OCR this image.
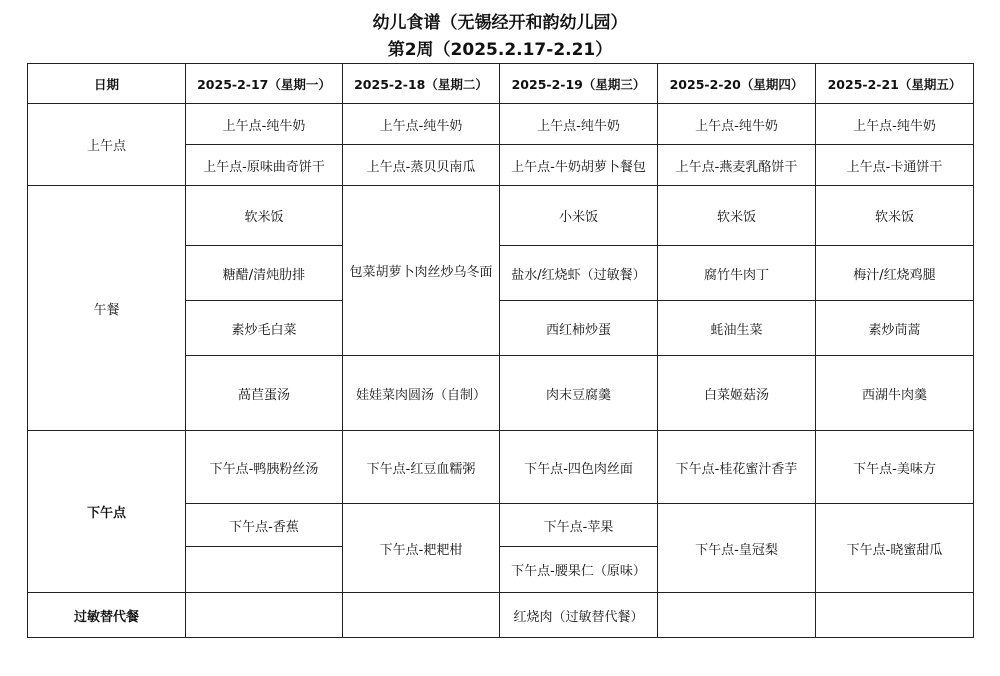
幼儿食谱（无锡经开和韵幼儿园）
第2周（2025.2.17-2.21）
日期	2025-2-17（星期一）	2025-2-18（星期二）	2025-2-19（星期三）	2025-2-20（星期四）	2025-2-21（星期五）
上午点	上午点-纯牛奶	上午点-纯牛奶	上午点-纯牛奶	上午点-纯牛奶	上午点-纯牛奶
	上午点-原味曲奇饼干	上午点-蒸贝贝南瓜	上午点-牛奶胡萝卜餐包	上午点-燕麦乳酪饼干	上午点-卡通饼干
午餐	软米饭	包菜胡萝卜肉丝炒乌冬面	小米饭	软米饭	软米饭
	糖醋/清炖肋排		盐水/红烧虾（过敏餐）	腐竹牛肉丁	梅汁/红烧鸡腿
	素炒毛白菜		西红柿炒蛋	蚝油生菜	素炒茼蒿
	萵苣蛋汤	娃娃菜肉圆汤（自制）	肉末豆腐羹	白菜姬菇汤	西湖牛肉羹
下午点	下午点-鸭胰粉丝汤	下午点-红豆血糯粥	下午点-四色肉丝面	下午点-桂花蜜汁香芋	下午点-美味方
	下午点-香蕉	下午点-耙耙柑	下午点-苹果	下午点-皇冠梨	下午点-晓蜜甜瓜
			下午点-腰果仁（原味）		

过敏替代餐			红烧肉（过敏替代餐）		
